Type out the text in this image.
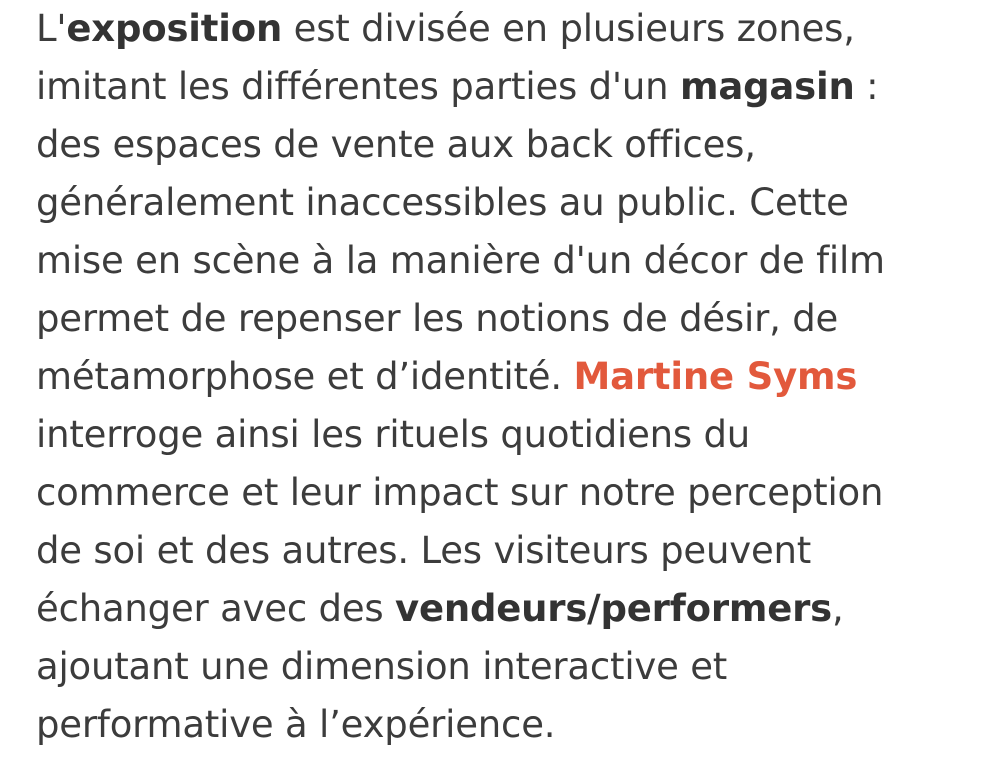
L'exposition est divisée en plusieurs zones, imitant les différentes parties d'un magasin : des espaces de vente aux back offices, généralement inaccessibles au public. Cette mise en scène à la manière d'un décor de film permet de repenser les notions de désir, de métamorphose et d’identité. Martine Syms interroge ainsi les rituels quotidiens du commerce et leur impact sur notre perception de soi et des autres. Les visiteurs peuvent échanger avec des vendeurs/performers, ajoutant une dimension interactive et performative à l’expérience.
